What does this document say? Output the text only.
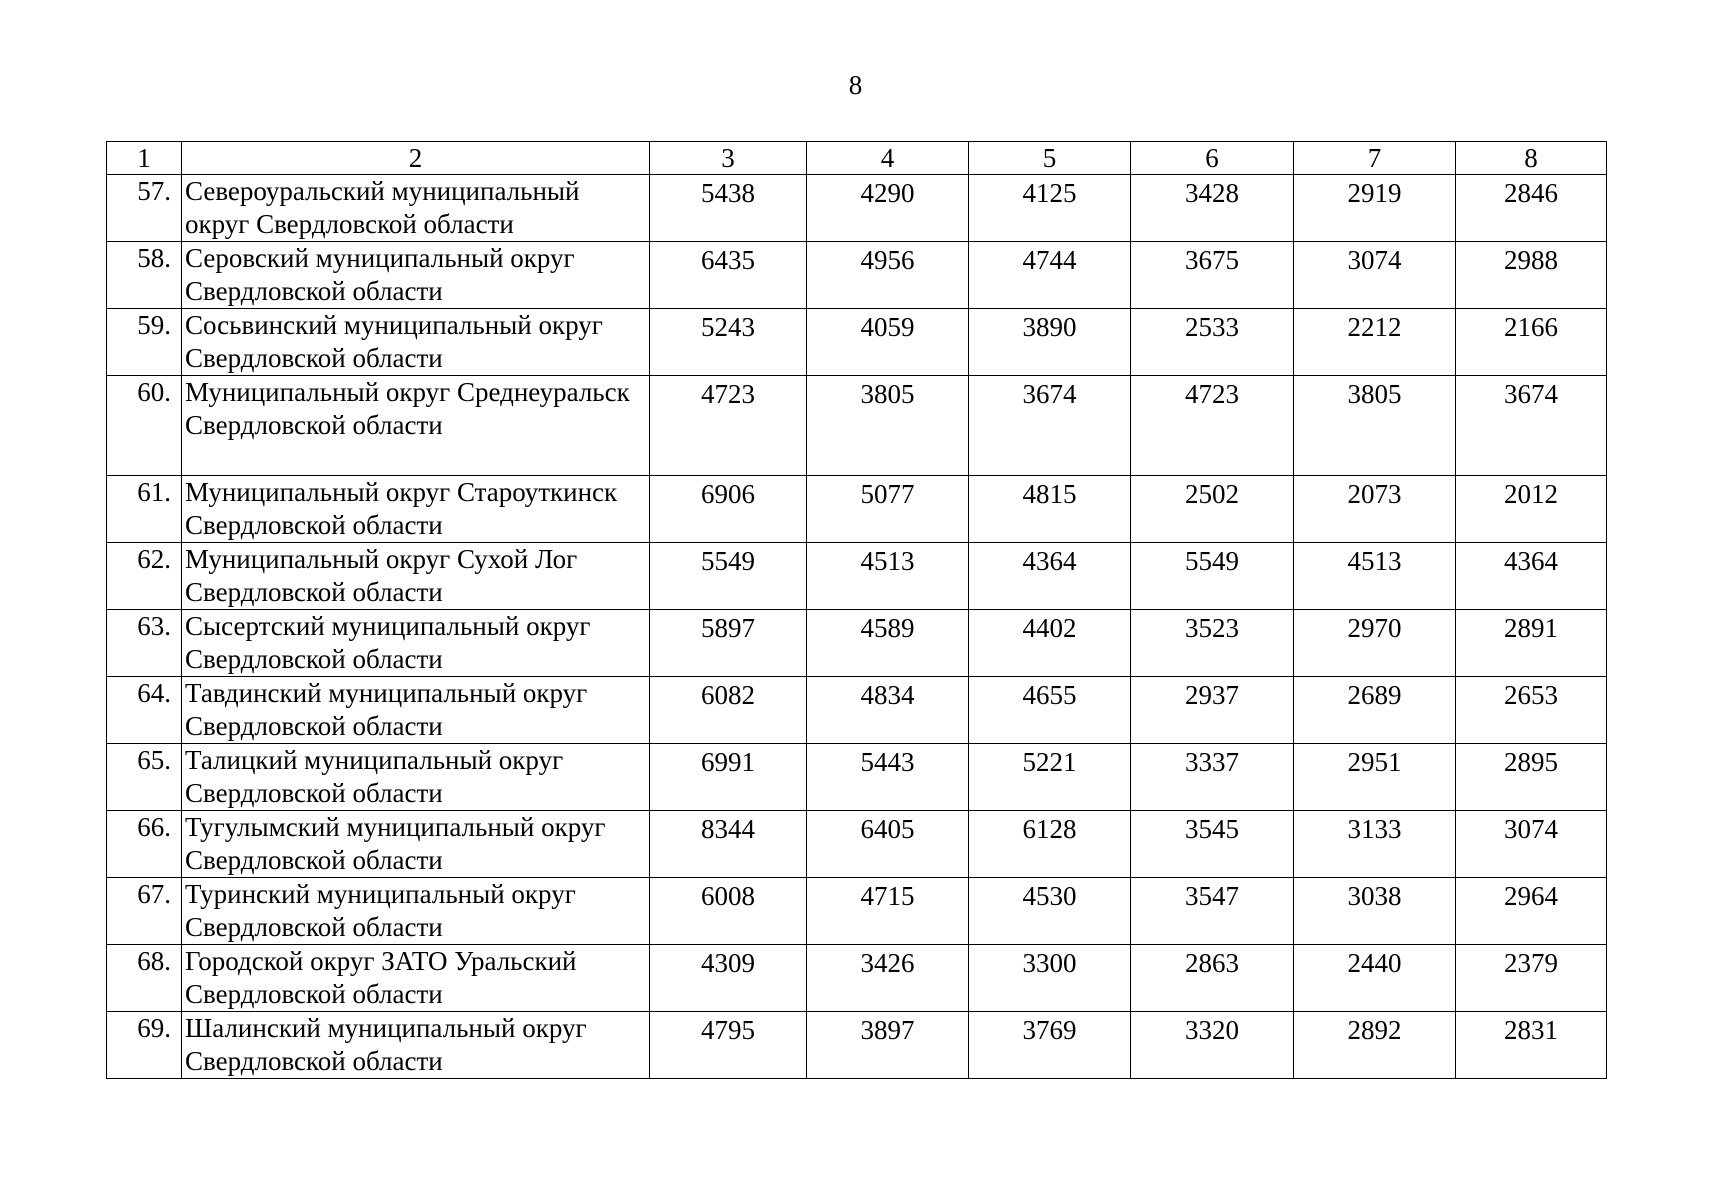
8
1	2	3	4	5	6	7	8
57.	Североуральский муниципальный округ Свердловской области	5438	4290	4125	3428	2919	2846
58.	Серовский муниципальный округ Свердловской области	6435	4956	4744	3675	3074	2988
59.	Сосьвинский муниципальный округ Свердловской области	5243	4059	3890	2533	2212	2166
60.	Муниципальный округ Среднеуральск Свердловской области	4723	3805	3674	4723	3805	3674
61.	Муниципальный округ Староуткинск Свердловской области	6906	5077	4815	2502	2073	2012
62.	Муниципальный округ Сухой Лог Свердловской области	5549	4513	4364	5549	4513	4364
63.	Сысертский муниципальный округ Свердловской области	5897	4589	4402	3523	2970	2891
64.	Тавдинский муниципальный округ Свердловской области	6082	4834	4655	2937	2689	2653
65.	Талицкий муниципальный округ Свердловской области	6991	5443	5221	3337	2951	2895
66.	Тугулымский муниципальный округ Свердловской области	8344	6405	6128	3545	3133	3074
67.	Туринский муниципальный округ Свердловской области	6008	4715	4530	3547	3038	2964
68.	Городской округ ЗАТО Уральский Свердловской области	4309	3426	3300	2863	2440	2379
69.	Шалинский муниципальный округ Свердловской области	4795	3897	3769	3320	2892	2831
